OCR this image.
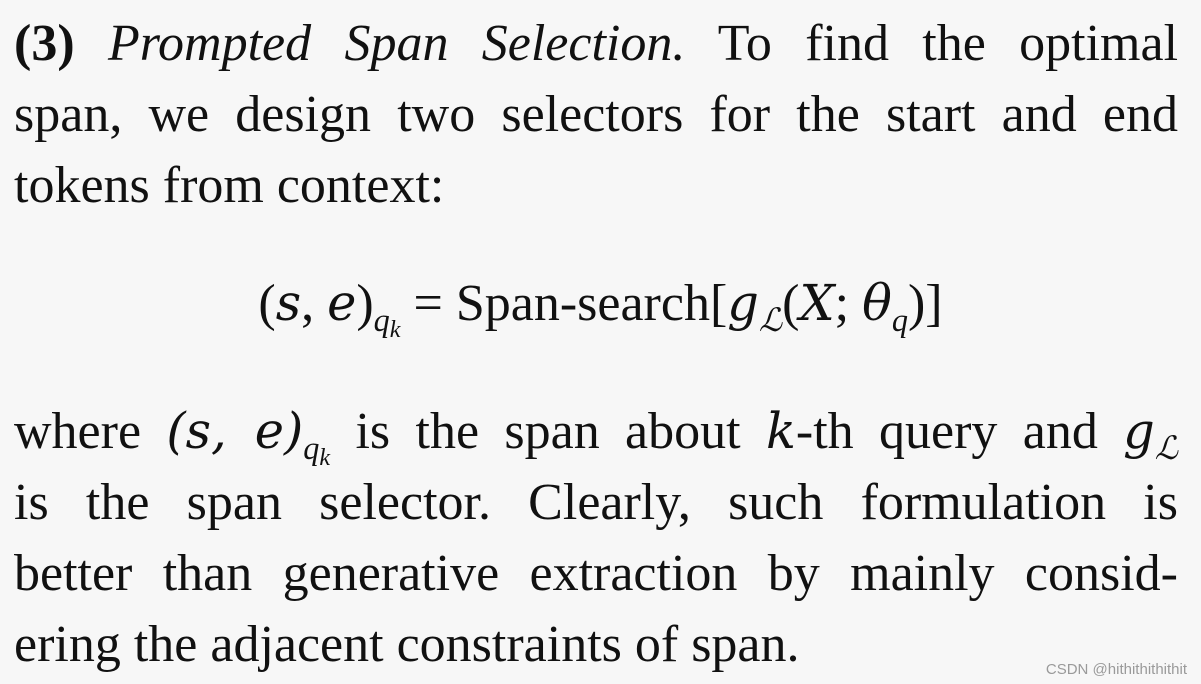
(3) Prompted Span Selection. To find the optimal
span, we design two selectors for the start and end
tokens from context:
(s, $e)_{qk}$ = Span-$search[g_ℒ(X$; $\theta_q$)]
where (s, $e)_{qk}$ is the span about k-th query and $g_ℒ$
is the span selector. Clearly, such formulation is
better than generative extraction by mainly consid-
ering the adjacent constraints of span.	CSDN @hithithithithit
